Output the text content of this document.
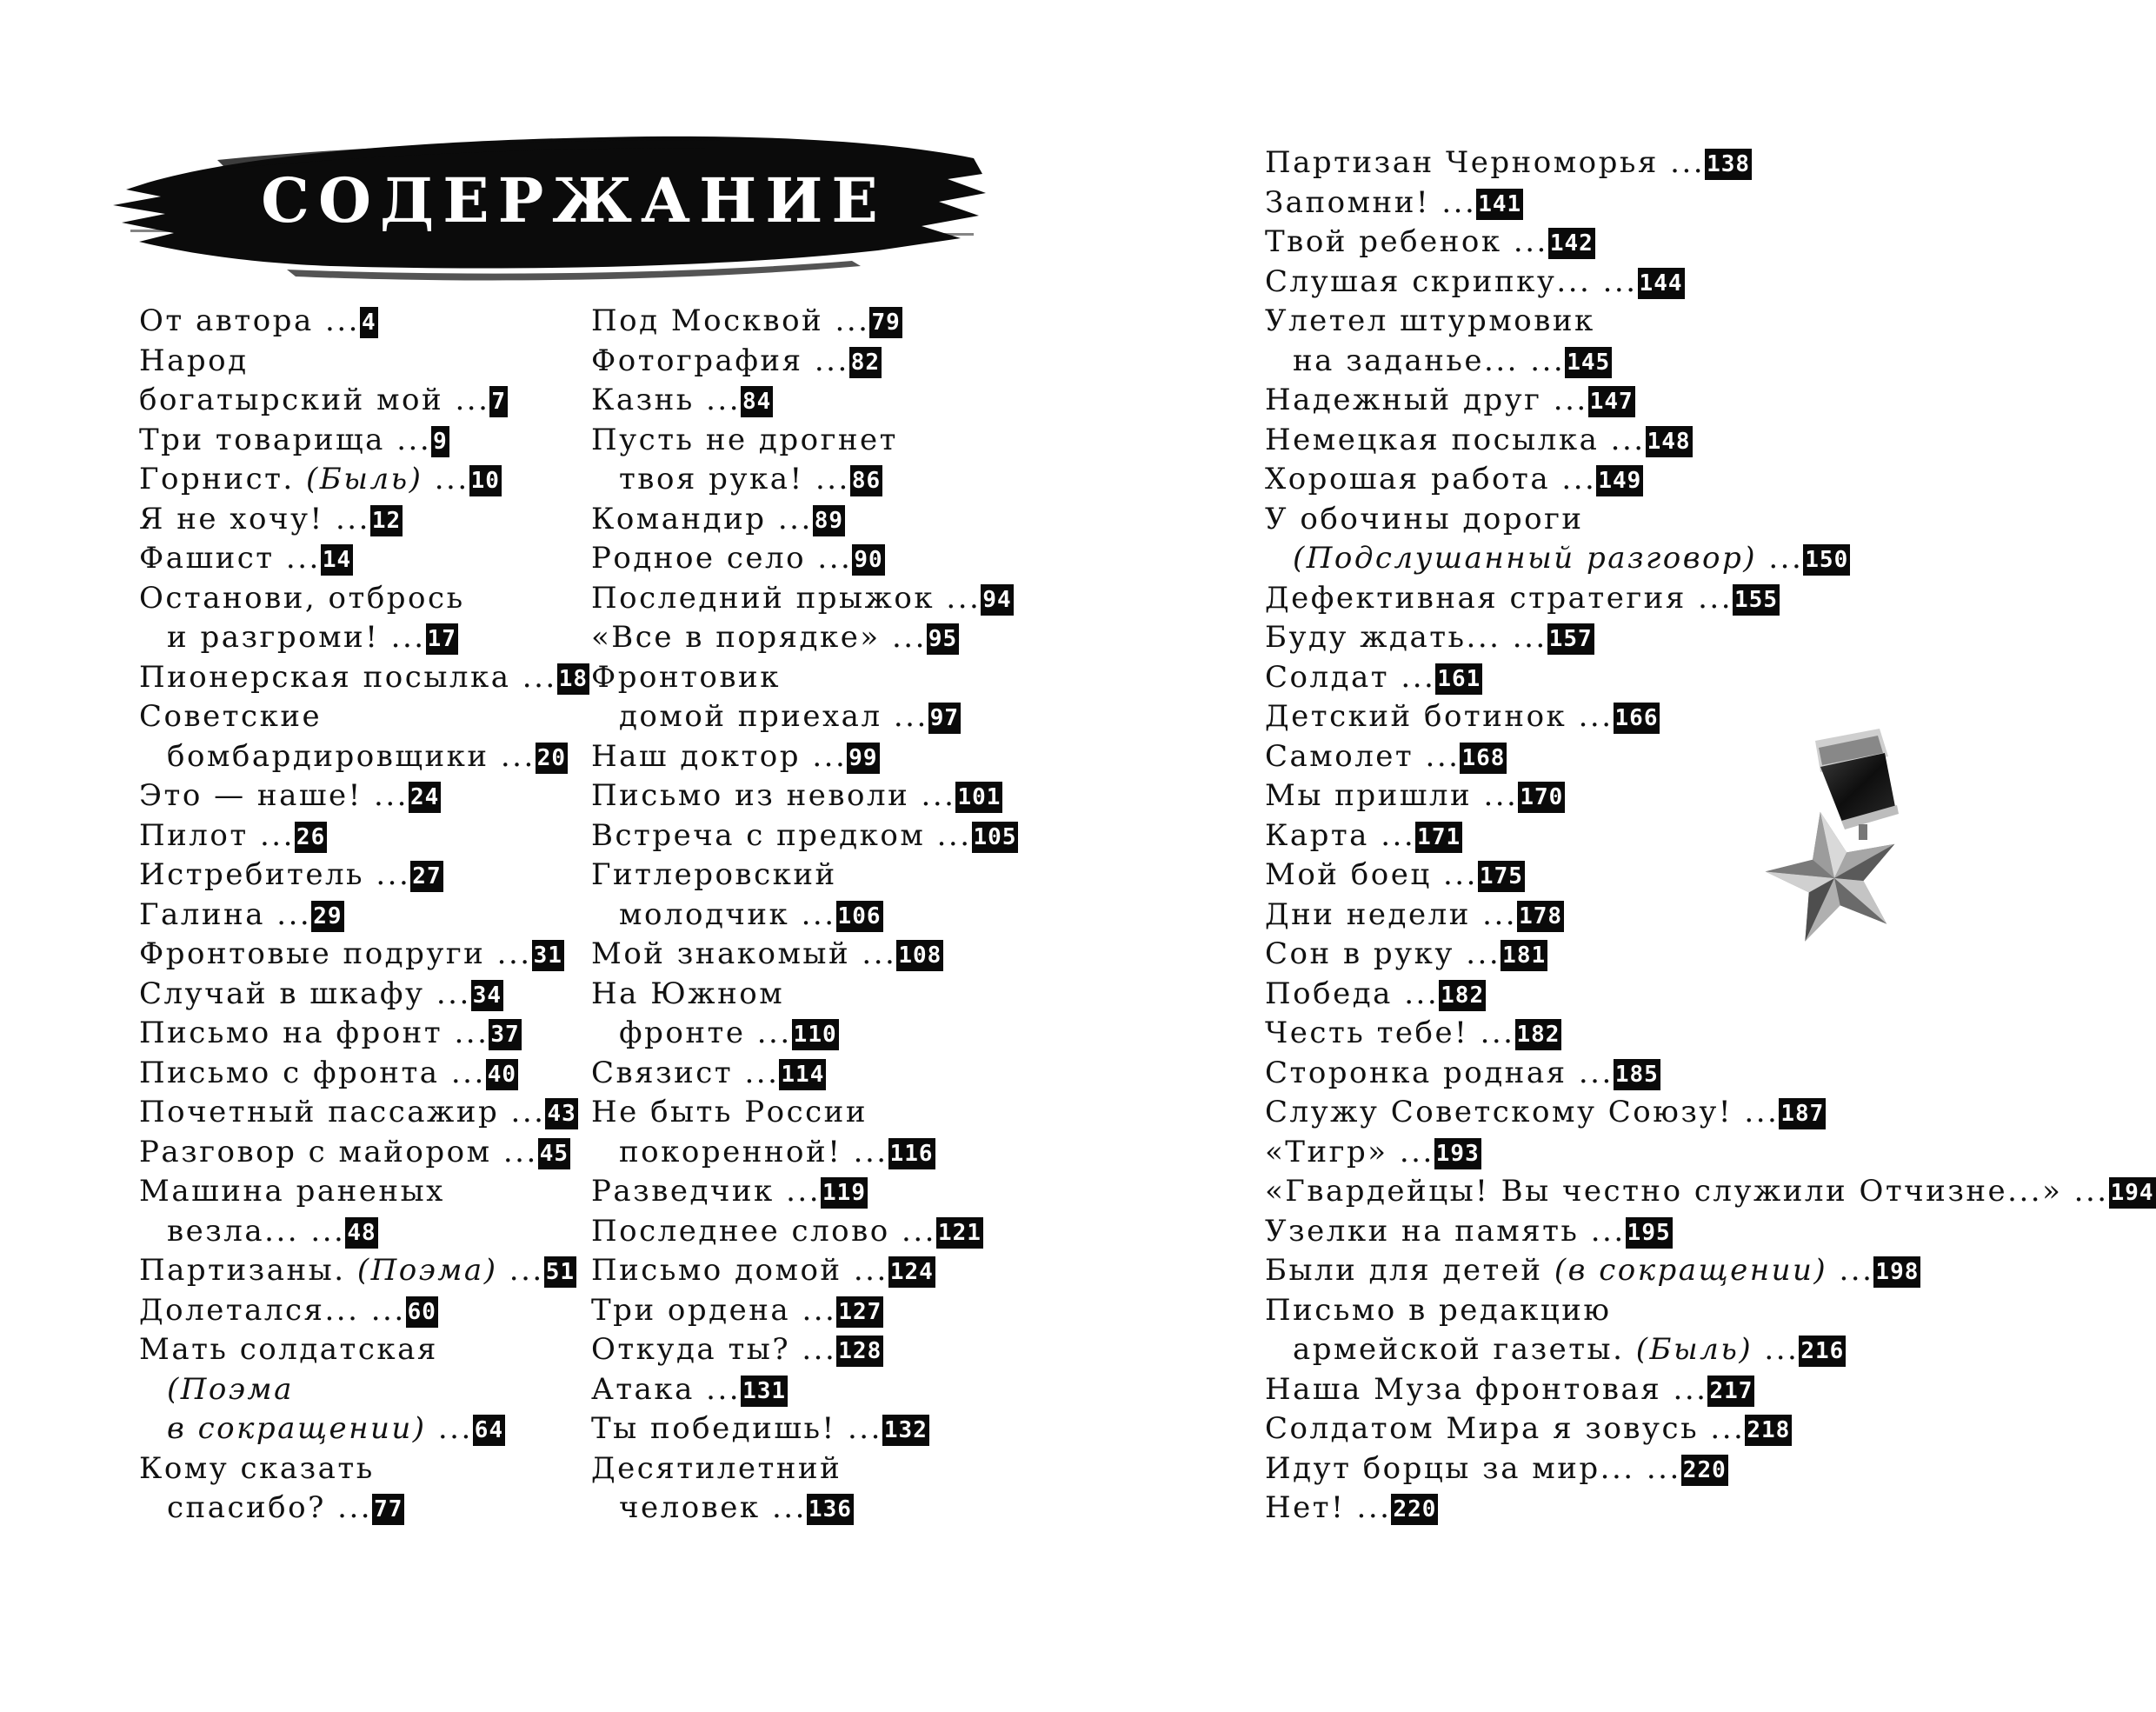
СОДЕРЖАНИЕ
От автора ...4
Народ
богатырский мой ...7
Три товарища ...9
Горнист. (Быль) ...10
Я не хочу! ...12
Фашист ...14
Останови, отбрось
и разгроми! ...17
Пионерская посылка ...18
Советские
бомбардировщики ...20
Это — наше! ...24
Пилот ...26
Истребитель ...27
Галина ...29
Фронтовые подруги ...31
Случай в шкафу ...34
Письмо на фронт ...37
Письмо с фронта ...40
Почетный пассажир ...43
Разговор с майором ...45
Машина раненых
везла... ...48
Партизаны. (Поэма) ...51
Долетался... ...60
Мать солдатская
(Поэма
в сокращении) ...64
Кому сказать
спасибо? ...77
Под Москвой ...79
Фотография ...82
Казнь ...84
Пусть не дрогнет
твоя рука! ...86
Командир ...89
Родное село ...90
Последний прыжок ...94
«Все в порядке» ...95
Фронтовик
домой приехал ...97
Наш доктор ...99
Письмо из неволи ...101
Встреча с предком ...105
Гитлеровский
молодчик ...106
Мой знакомый ...108
На Южном
фронте ...110
Связист ...114
Не быть России
покоренной! ...116
Разведчик ...119
Последнее слово ...121
Письмо домой ...124
Три ордена ...127
Откуда ты? ...128
Атака ...131
Ты победишь! ...132
Десятилетний
человек ...136
Партизан Черноморья ...138
Запомни! ...141
Твой ребенок ...142
Слушая скрипку... ...144
Улетел штурмовик
на заданье... ...145
Надежный друг ...147
Немецкая посылка ...148
Хорошая работа ...149
У обочины дороги
(Подслушанный разговор) ...150
Дефективная стратегия ...155
Буду ждать... ...157
Солдат ...161
Детский ботинок ...166
Самолет ...168
Мы пришли ...170
Карта ...171
Мой боец ...175
Дни недели ...178
Сон в руку ...181
Победа ...182
Честь тебе! ...182
Сторонка родная ...185
Служу Советскому Союзу! ...187
«Тигр» ...193
«Гвардейцы! Вы честно служили Отчизне...» ...194
Узелки на память ...195
Были для детей (в сокращении) ...198
Письмо в редакцию
армейской газеты. (Быль) ...216
Наша Муза фронтовая ...217
Солдатом Мира я зовусь ...218
Идут борцы за мир... ...220
Нет! ...220
